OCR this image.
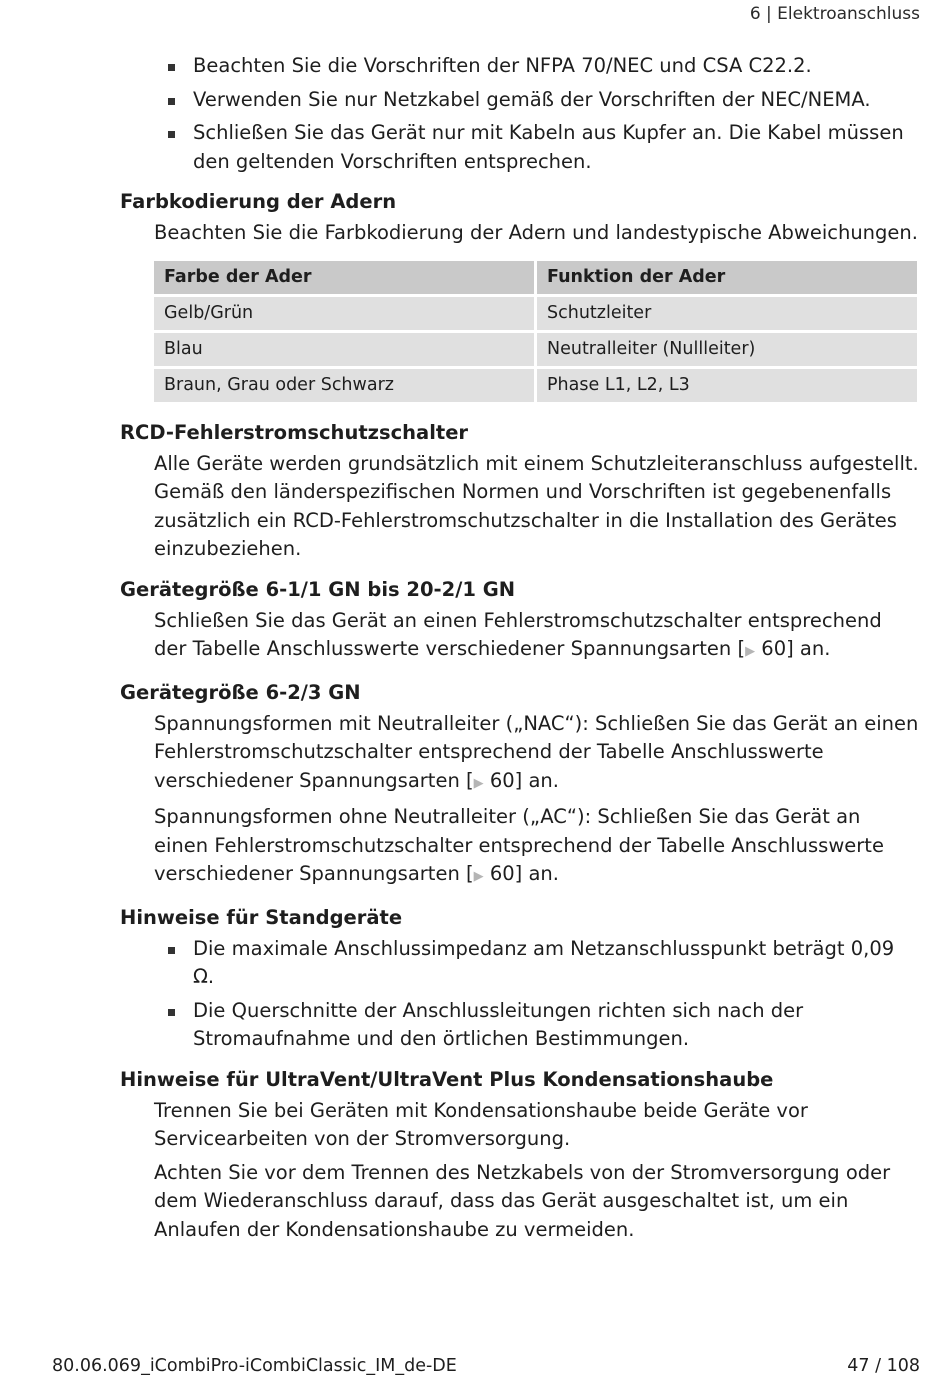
6 | Elektroanschluss
Beachten Sie die Vorschriften der NFPA 70/NEC und CSA C22.2.
Verwenden Sie nur Netzkabel gemäß der Vorschriften der NEC/NEMA.
Schließen Sie das Gerät nur mit Kabeln aus Kupfer an. Die Kabel müssen den geltenden Vorschriften entsprechen.
Farbkodierung der Adern
Beachten Sie die Farbkodierung der Adern und landestypische Abweichungen.
Farbe der Ader	Funktion der Ader
Gelb/Grün	Schutzleiter
Blau	Neutralleiter (Nullleiter)
Braun, Grau oder Schwarz	Phase L1, L2, L3
RCD-Fehlerstromschutzschalter
Alle Geräte werden grundsätzlich mit einem Schutzleiteranschluss aufgestellt. Gemäß den länderspezifischen Normen und Vorschriften ist gegebenenfalls zusätzlich ein RCD-Fehlerstromschutzschalter in die Installation des Gerätes einzubeziehen.
Gerätegröße 6-1/1 GN bis 20-2/1 GN
Schließen Sie das Gerät an einen Fehlerstromschutzschalter entsprechend der Tabelle Anschlusswerte verschiedener Spannungsarten [▶ 60] an.
Gerätegröße 6-2/3 GN
Spannungsformen mit Neutralleiter („NAC“): Schließen Sie das Gerät an einen Fehlerstromschutzschalter entsprechend der Tabelle Anschlusswerte verschiedener Spannungsarten [▶ 60] an.
Spannungsformen ohne Neutralleiter („AC“): Schließen Sie das Gerät an einen Fehlerstromschutzschalter entsprechend der Tabelle Anschlusswerte verschiedener Spannungsarten [▶ 60] an.
Hinweise für Standgeräte
Die maximale Anschlussimpedanz am Netzanschlusspunkt beträgt 0,09 Ω.
Die Querschnitte der Anschlussleitungen richten sich nach der Stromaufnahme und den örtlichen Bestimmungen.
Hinweise für UltraVent/UltraVent Plus Kondensationshaube
Trennen Sie bei Geräten mit Kondensationshaube beide Geräte vor Servicearbeiten von der Stromversorgung.
Achten Sie vor dem Trennen des Netzkabels von der Stromversorgung oder dem Wiederanschluss darauf, dass das Gerät ausgeschaltet ist, um ein Anlaufen der Kondensationshaube zu vermeiden.
80.06.069_iCombiPro-iCombiClassic_IM_de-DE	47 / 108
